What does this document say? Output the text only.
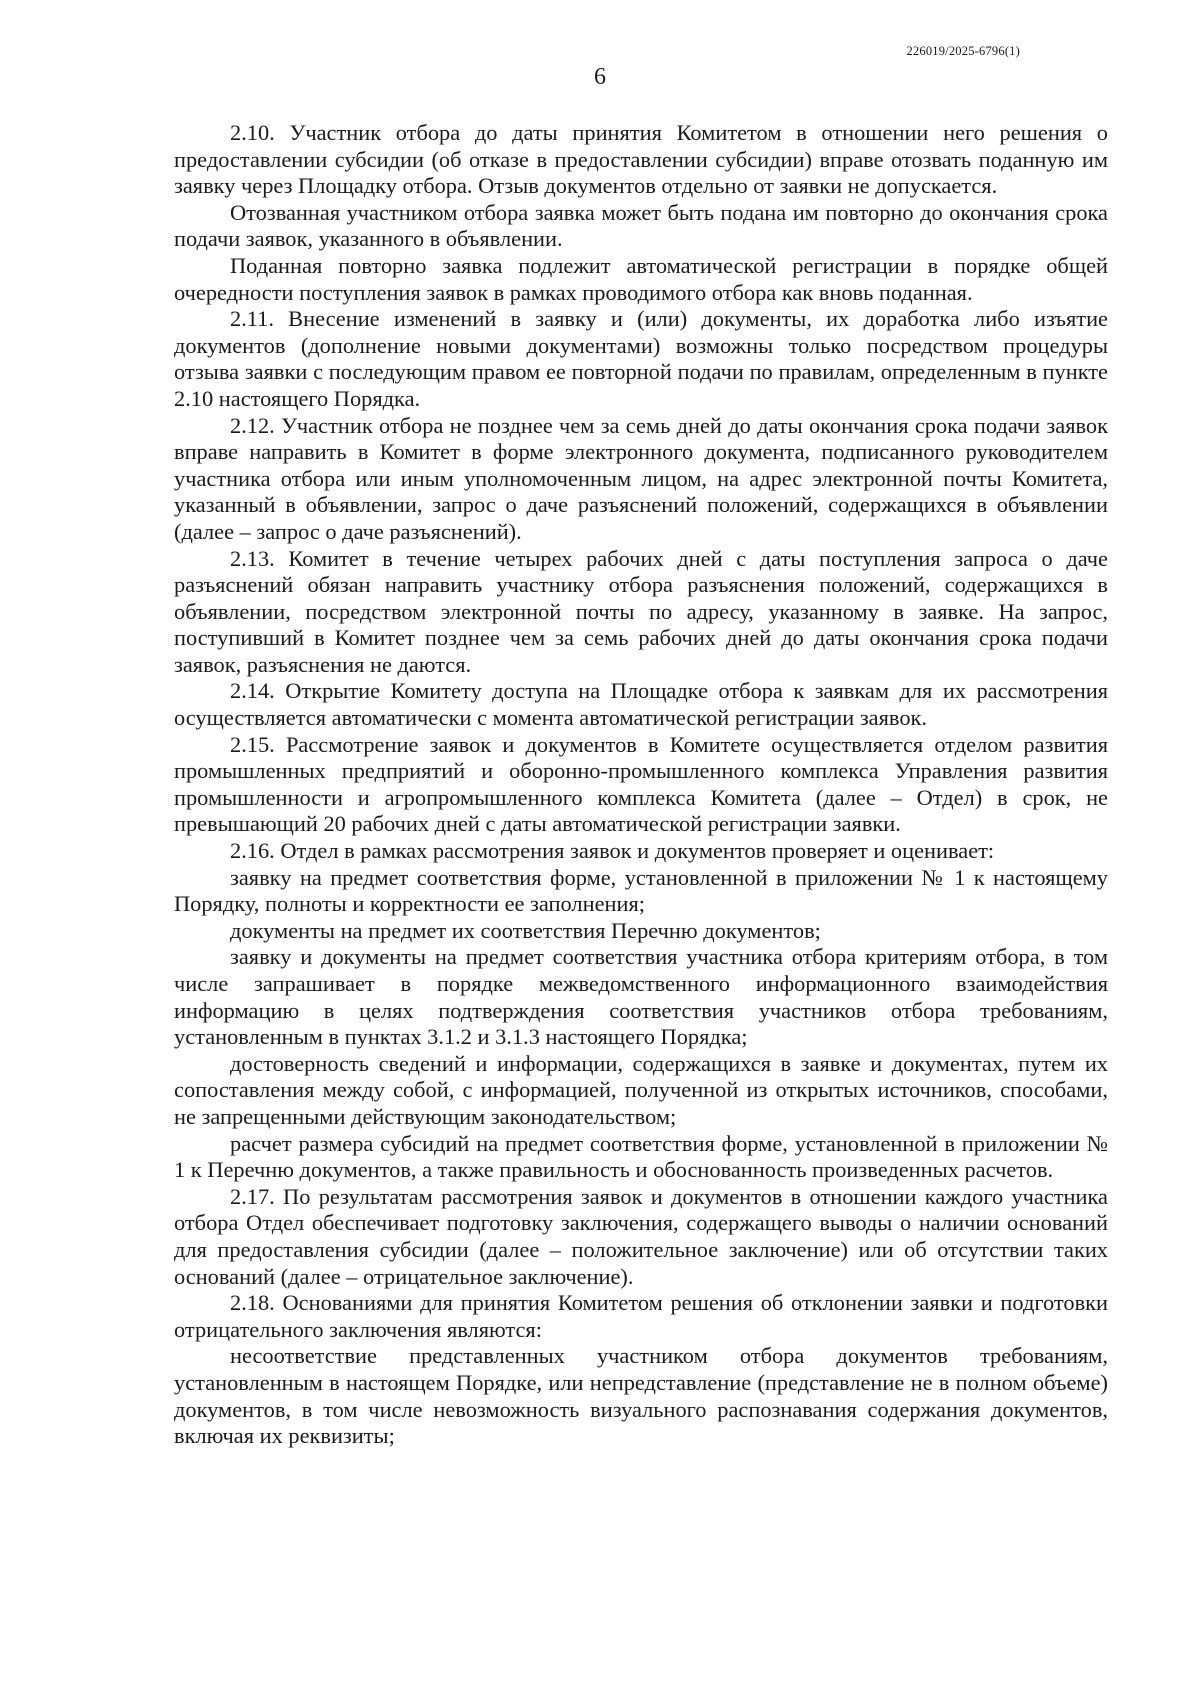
226019/2025-6796(1)
6

2.10. Участник отбора до даты принятия Комитетом в отношении него решения о предоставлении субсидии (об отказе в предоставлении субсидии) вправе отозвать поданную им заявку через Площадку отбора. Отзыв документов отдельно от заявки не допускается.

Отозванная участником отбора заявка может быть подана им повторно до окончания срока подачи заявок, указанного в объявлении.

Поданная повторно заявка подлежит автоматической регистрации в порядке общей очередности поступления заявок в рамках проводимого отбора как вновь поданная.

2.11. Внесение изменений в заявку и (или) документы, их доработка либо изъятие документов (дополнение новыми документами) возможны только посредством процедуры отзыва заявки с последующим правом ее повторной подачи по правилам, определенным в пункте 2.10 настоящего Порядка.

2.12. Участник отбора не позднее чем за семь дней до даты окончания срока подачи заявок вправе направить в Комитет в форме электронного документа, подписанного руководителем участника отбора или иным уполномоченным лицом, на адрес электронной почты Комитета, указанный в объявлении, запрос о даче разъяснений положений, содержащихся в объявлении (далее – запрос о даче разъяснений).

2.13. Комитет в течение четырех рабочих дней с даты поступления запроса о даче разъяснений обязан направить участнику отбора разъяснения положений, содержащихся в объявлении, посредством электронной почты по адресу, указанному в заявке. На запрос, поступивший в Комитет позднее чем за семь рабочих дней до даты окончания срока подачи заявок, разъяснения не даются.

2.14. Открытие Комитету доступа на Площадке отбора к заявкам для их рассмотрения осуществляется автоматически с момента автоматической регистрации заявок.

2.15. Рассмотрение заявок и документов в Комитете осуществляется отделом развития промышленных предприятий и оборонно-промышленного комплекса Управления развития промышленности и агропромышленного комплекса Комитета (далее – Отдел) в срок, не превышающий 20 рабочих дней с даты автоматической регистрации заявки.

2.16. Отдел в рамках рассмотрения заявок и документов проверяет и оценивает:

заявку на предмет соответствия форме, установленной в приложении № 1 к настоящему Порядку, полноты и корректности ее заполнения;

документы на предмет их соответствия Перечню документов;

заявку и документы на предмет соответствия участника отбора критериям отбора, в том числе запрашивает в порядке межведомственного информационного взаимодействия информацию в целях подтверждения соответствия участников отбора требованиям, установленным в пунктах 3.1.2 и 3.1.3 настоящего Порядка;

достоверность сведений и информации, содержащихся в заявке и документах, путем их сопоставления между собой, с информацией, полученной из открытых источников, способами, не запрещенными действующим законодательством;

расчет размера субсидий на предмет соответствия форме, установленной в приложении № 1 к Перечню документов, а также правильность и обоснованность произведенных расчетов.

2.17. По результатам рассмотрения заявок и документов в отношении каждого участника отбора Отдел обеспечивает подготовку заключения, содержащего выводы о наличии оснований для предоставления субсидии (далее – положительное заключение) или об отсутствии таких оснований (далее – отрицательное заключение).

2.18. Основаниями для принятия Комитетом решения об отклонении заявки и подготовки отрицательного заключения являются:

несоответствие представленных участником отбора документов требованиям, установленным в настоящем Порядке, или непредставление (представление не в полном объеме) документов, в том числе невозможность визуального распознавания содержания документов, включая их реквизиты;
